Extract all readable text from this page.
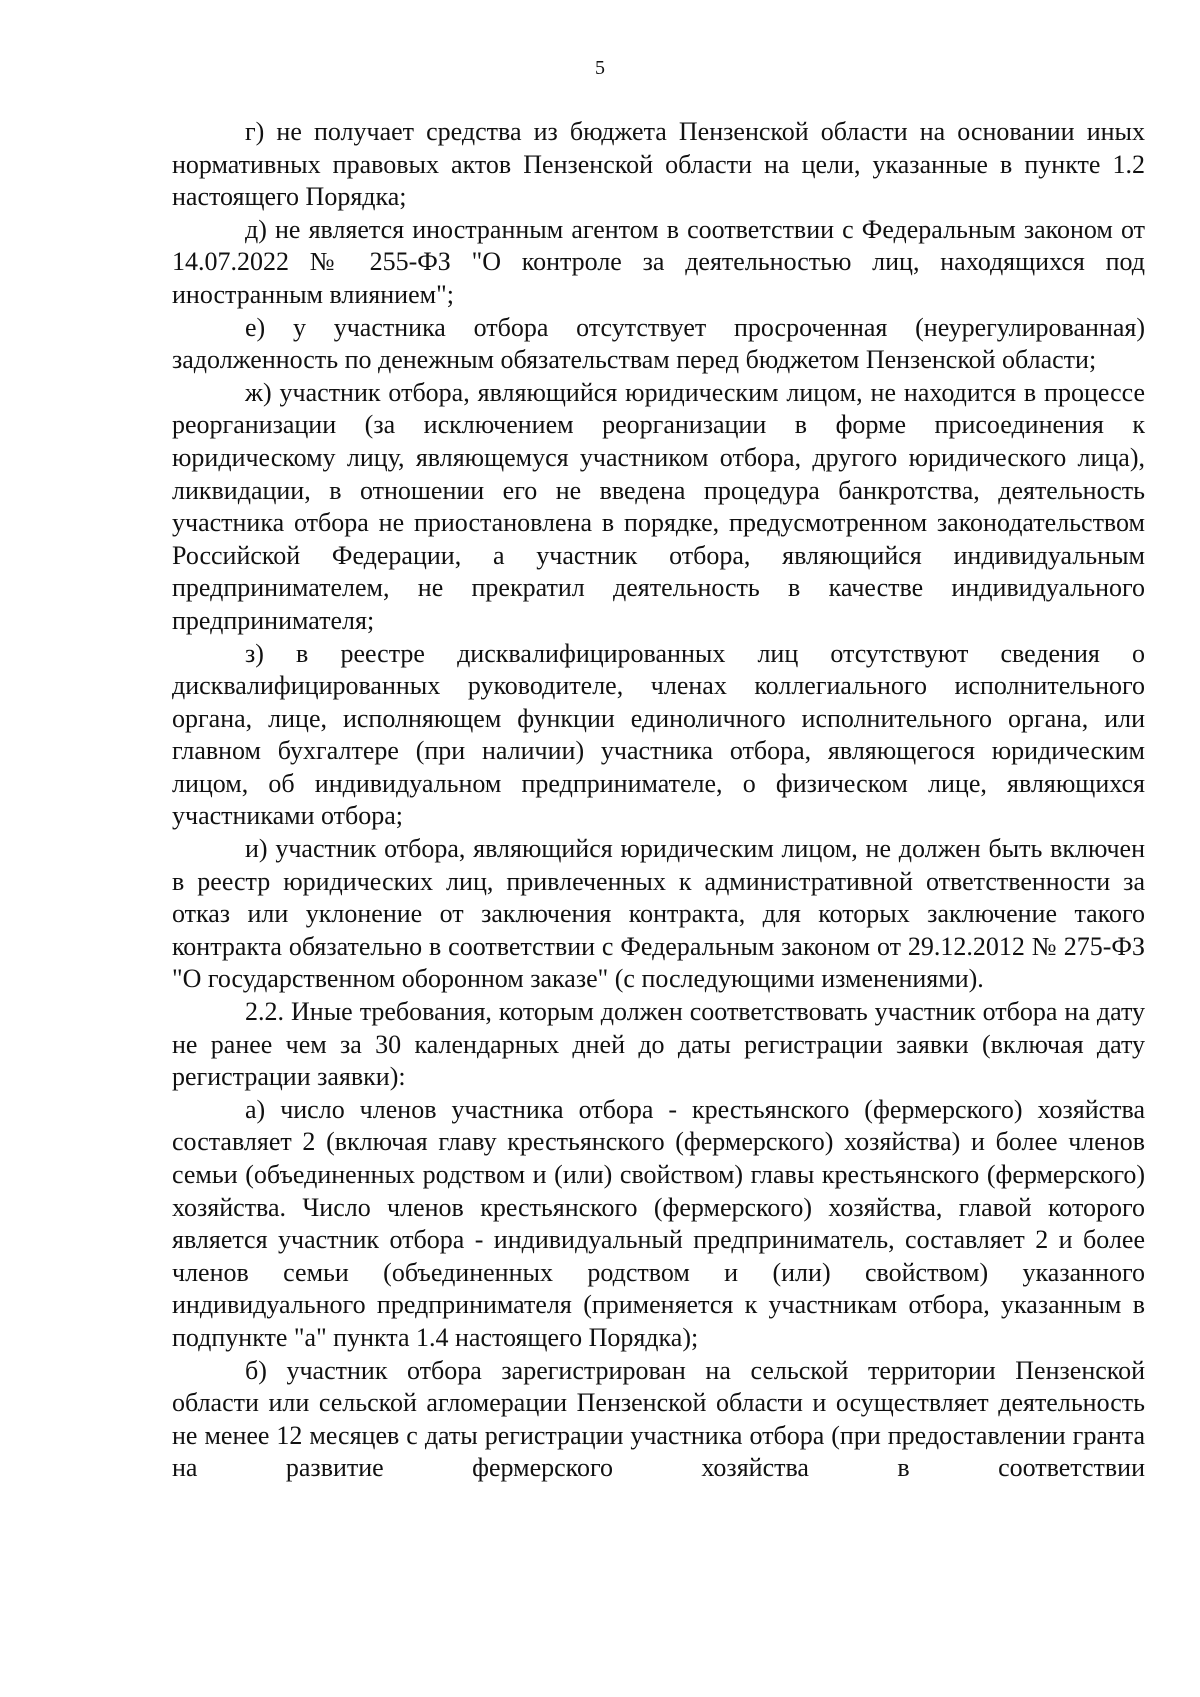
5

г) не получает средства из бюджета Пензенской области на основании иных нормативных правовых актов Пензенской области на цели, указанные в пункте 1.2 настоящего Порядка;

д) не является иностранным агентом в соответствии с Федеральным законом от 14.07.2022 № 255-ФЗ "О контроле за деятельностью лиц, находящихся под иностранным влиянием";

е) у участника отбора отсутствует просроченная (неурегулированная) задолженность по денежным обязательствам перед бюджетом Пензенской области;

ж) участник отбора, являющийся юридическим лицом, не находится в процессе реорганизации (за исключением реорганизации в форме присоединения к юридическому лицу, являющемуся участником отбора, другого юридического лица), ликвидации, в отношении его не введена процедура банкротства, деятельность участника отбора не приостановлена в порядке, предусмотренном законодательством Российской Федерации, а участник отбора, являющийся индивидуальным предпринимателем, не прекратил деятельность в качестве индивидуального предпринимателя;

з) в реестре дисквалифицированных лиц отсутствуют сведения о дисквалифицированных руководителе, членах коллегиального исполнительного органа, лице, исполняющем функции единоличного исполнительного органа, или главном бухгалтере (при наличии) участника отбора, являющегося юридическим лицом, об индивидуальном предпринимателе, о физическом лице, являющихся участниками отбора;

и) участник отбора, являющийся юридическим лицом, не должен быть включен в реестр юридических лиц, привлеченных к административной ответственности за отказ или уклонение от заключения контракта, для которых заключение такого контракта обязательно в соответствии с Федеральным законом от 29.12.2012 № 275-ФЗ "О государственном оборонном заказе" (с последующими изменениями).

2.2. Иные требования, которым должен соответствовать участник отбора на дату не ранее чем за 30 календарных дней до даты регистрации заявки (включая дату регистрации заявки):

а) число членов участника отбора - крестьянского (фермерского) хозяйства составляет 2 (включая главу крестьянского (фермерского) хозяйства) и более членов семьи (объединенных родством и (или) свойством) главы крестьянского (фермерского) хозяйства. Число членов крестьянского (фермерского) хозяйства, главой которого является участник отбора - индивидуальный предприниматель, составляет 2 и более членов семьи (объединенных родством и (или) свойством) указанного индивидуального предпринимателя (применяется к участникам отбора, указанным в подпункте "а" пункта 1.4 настоящего Порядка);

б) участник отбора зарегистрирован на сельской территории Пензенской области или сельской агломерации Пензенской области и осуществляет деятельность не менее 12 месяцев с даты регистрации участника отбора (при предоставлении гранта на развитие фермерского хозяйства в соответствии
